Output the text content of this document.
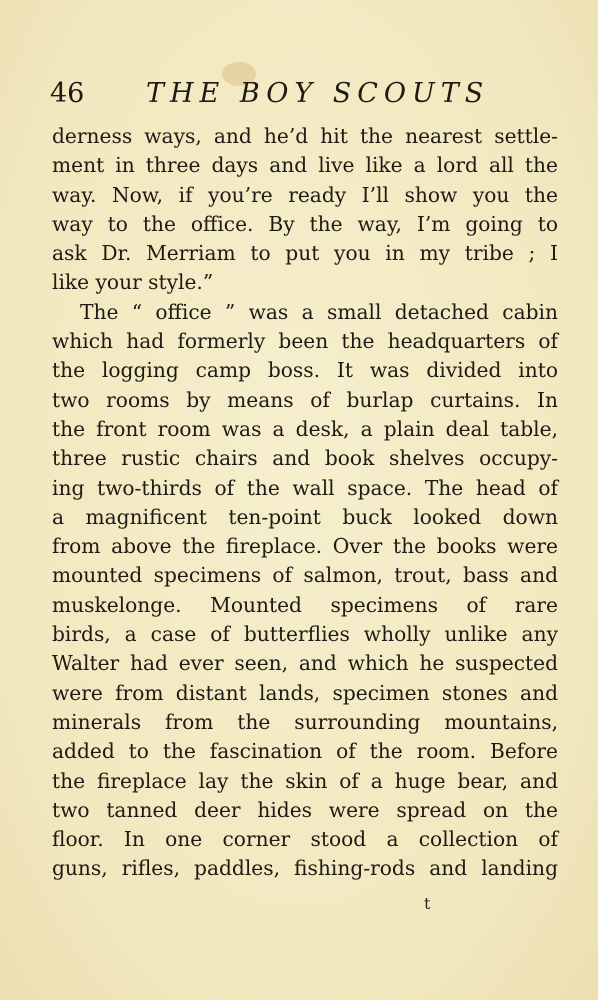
46 THE BOY SCOUTS
derness ways, and he’d hit the nearest settle-
ment in three days and live like a lord all the
way. Now, if you’re ready I’ll show you the
way to the office. By the way, I’m going to
ask Dr. Merriam to put you in my tribe ; I
like your style.”
The “ office ” was a small detached cabin
which had formerly been the headquarters of
the logging camp boss. It was divided into
two rooms by means of burlap curtains. In
the front room was a desk, a plain deal table,
three rustic chairs and book shelves occupy-
ing two-thirds of the wall space. The head of
a magnificent ten-point buck looked down
from above the fireplace. Over the books were
mounted specimens of salmon, trout, bass and
muskelonge. Mounted specimens of rare
birds, a case of butterflies wholly unlike any
Walter had ever seen, and which he suspected
were from distant lands, specimen stones and
minerals from the surrounding mountains,
added to the fascination of the room. Before
the fireplace lay the skin of a huge bear, and
two tanned deer hides were spread on the
floor. In one corner stood a collection of
guns, rifles, paddles, fishing-rods and landing
t
